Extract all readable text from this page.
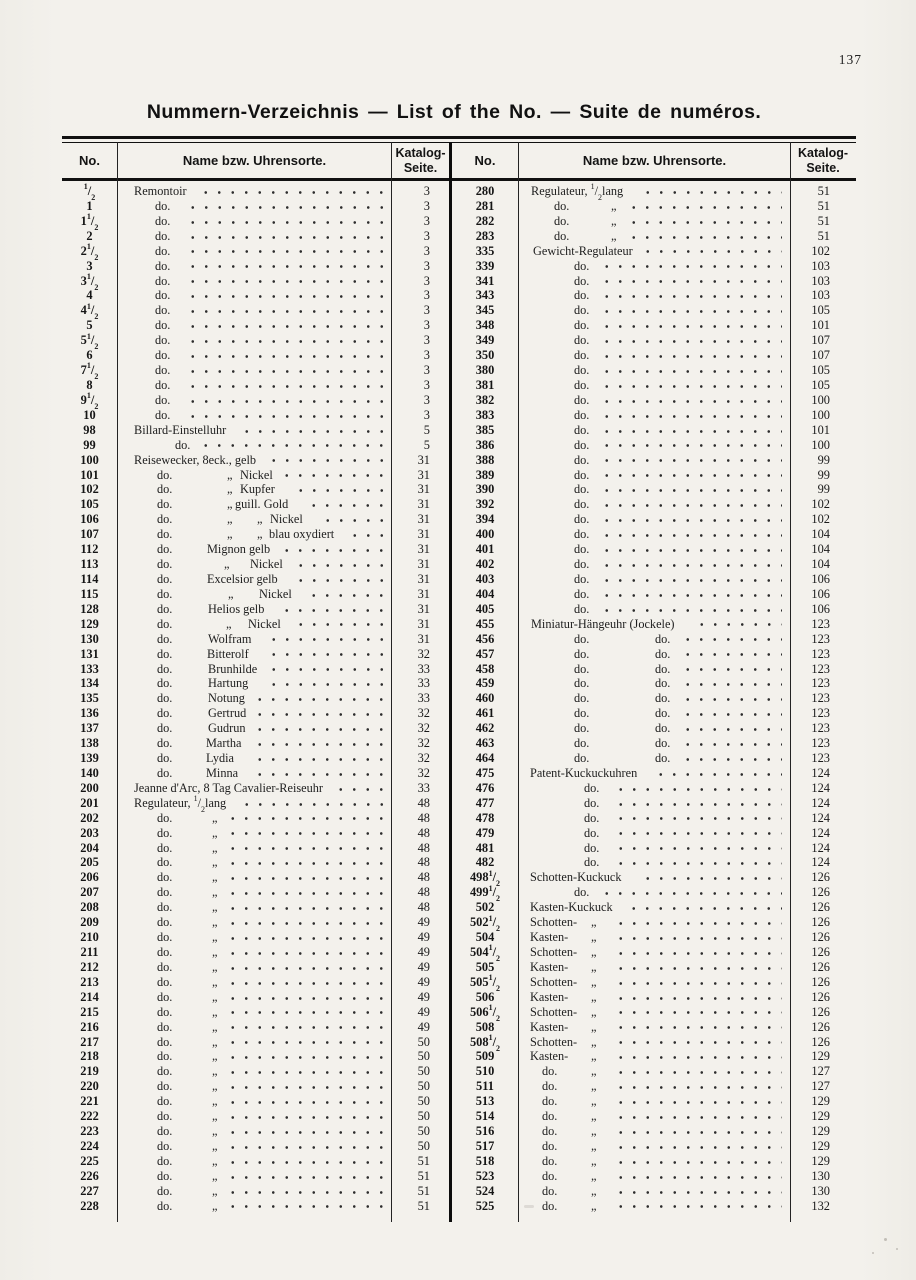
137
Nummern-Verzeichnis — List of the No. — Suite de numéros.
No.	Name bzw. Uhrensorte.
Katalog-
Seite.	No.	Name bzw. Uhrensorte.
Katalog-
Seite.
$^1/_2$	Remontoir	3
1	do.	3
$1^1/_2$	do.	3
2	do.	3
$2^1/_2$	do.	3
3	do.	3
$3^1/_2$	do.	3
4	do.	3
$4^1/_2$	do.	3
5	do.	3
$5^1/_2$	do.	3
6	do.	3
$7^1/_2$	do.	3
8	do.	3
$9^1/_2$	do.	3
10	do.	3
98	Billard-Einstelluhr	5
99	do.	5
100	Reisewecker, 8eck., gelb	31
101	do.	„ Nickel	31
102	do.	„ Kupfer	31
105	do.	„ guill. Gold	31
106	do.	„ „ Nickel	31
107	do.	„ „ blau oxydiert	31
112	do.	Mignon gelb	31
113	do.	„ Nickel	31
114	do.	Excelsior gelb	31
115	do.	„ Nickel	31
128	do.	Helios gelb	31
129	do.	„ Nickel	31
130	do.	Wolfram	31
131	do.	Bitterolf	32
133	do.	Brunhilde	33
134	do.	Hartung	33
135	do.	Notung	33
136	do.	Gertrud	32
137	do.	Gudrun	32
138	do.	Martha	32
139	do.	Lydia	32
140	do.	Minna	32
200	Jeanne d'Arc, 8 Tag Cavalier-Reiseuhr	33
201	Regulateur, $^1/_2lang$	48
202	do.	„	48
203	do.	„	48
204	do.	„	48
205	do.	„	48
206	do.	„	48
207	do.	„	48
208	do.	„	48
209	do.	„	49
210	do.	„	49
211	do.	„	49
212	do.	„	49
213	do.	„	49
214	do.	„	49
215	do.	„	49
216	do.	„	49
217	do.	„	50
218	do.	„	50
219	do.	„	50
220	do.	„	50
221	do.	„	50
222	do.	„	50
223	do.	„	50
224	do.	„	50
225	do.	„	51
226	do.	„	51
227	do.	„	51
228	do.	„	51
280	Regulateur, $^1/_2lang$	51
281	do.	„	51
282	do.	„	51
283	do.	„	51
335	Gewicht-Regulateur	102
339	do.	103
341	do.	103
343	do.	103
345	do.	105
348	do.	101
349	do.	107
350	do.	107
380	do.	105
381	do.	105
382	do.	100
383	do.	100
385	do.	101
386	do.	100
388	do.	99
389	do.	99
390	do.	99
392	do.	102
394	do.	102
400	do.	104
401	do.	104
402	do.	104
403	do.	106
404	do.	106
405	do.	106
455	Miniatur-Hängeuhr (Jockele)	123
456	do.	do.	123
457	do.	do.	123
458	do.	do.	123
459	do.	do.	123
460	do.	do.	123
461	do.	do.	123
462	do.	do.	123
463	do.	do.	123
464	do.	do.	123
475	Patent-Kuckuckuhren	124
476	do.	124
477	do.	124
478	do.	124
479	do.	124
481	do.	124
482	do.	124
$498^1/_2$	Schotten-Kuckuck	126
$499^1/_2$	do.	126
502	Kasten-Kuckuck	126
$502^1/_2$	Schotten- „	126
504	Kasten- „	126
$504^1/_2$	Schotten- „	126
505	Kasten- „	126
$505^1/_2$	Schotten- „	126
506	Kasten- „	126
$506^1/_2$	Schotten- „	126
508	Kasten- „	126
$508^1/_2$	Schotten- „	126
509	Kasten- „	129
510	do.	„	127
511	do.	„	127
513	do.	„	129
514	do.	„	129
516	do.	„	129
517	do.	„	129
518	do.	„	129
523	do.	„	130
524	do.	„	130
525	do.	„	132
